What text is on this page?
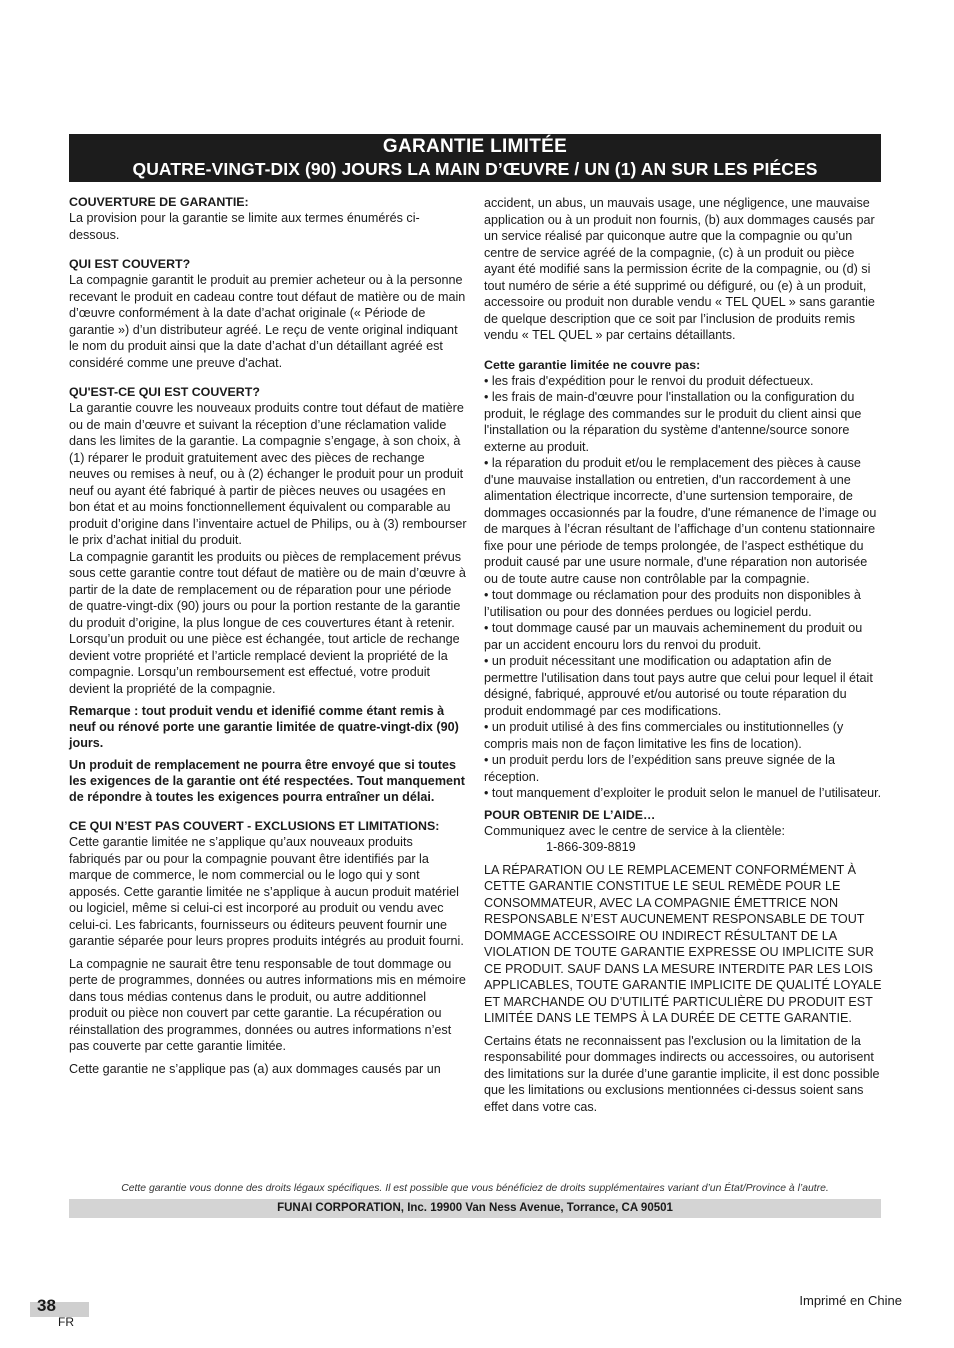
GARANTIE LIMITÉE
QUATRE-VINGT-DIX (90) JOURS LA MAIN D’ŒUVRE / UN (1) AN SUR LES PIÉCES

COUVERTURE DE GARANTIE:

La provision pour la garantie se limite aux termes énumérés ci-dessous.

QUI EST COUVERT?

La compagnie garantit le produit au premier acheteur ou à la personne recevant le produit en cadeau contre tout défaut de matière ou de main d’œuvre conformément à la date d’achat originale (« Période de garantie ») d’un distributeur agréé. Le reçu de vente original indiquant le nom du produit ainsi que la date d’achat d’un détaillant agréé est considéré comme une preuve d'achat.

QU'EST-CE QUI EST COUVERT?

La garantie couvre les nouveaux produits contre tout défaut de matière ou de main d’œuvre et suivant la réception d’une réclamation valide dans les limites de la garantie. La compagnie s’engage, à son choix, à (1) réparer le produit gratuitement avec des pièces de rechange neuves ou remises à neuf, ou à (2) échanger le produit pour un produit neuf ou ayant été fabriqué à partir de pièces neuves ou usagées en bon état et au moins fonctionnellement équivalent ou comparable au produit d’origine dans l’inventaire actuel de Philips, ou à (3) rembourser le prix d’achat initial du produit.

La compagnie garantit les produits ou pièces de remplacement prévus sous cette garantie contre tout défaut de matière ou de main d’œuvre à partir de la date de remplacement ou de réparation pour une période de quatre-vingt-dix (90) jours ou pour la portion restante de la garantie du produit d’origine, la plus longue de ces couvertures étant à retenir. Lorsqu’un produit ou une pièce est échangée, tout article de rechange devient votre propriété et l’article remplacé devient la propriété de la compagnie. Lorsqu’un remboursement est effectué, votre produit devient la propriété de la compagnie.

Remarque : tout produit vendu et idenifié comme étant remis à neuf ou rénové porte une garantie limitée de quatre-vingt-dix (90) jours.

Un produit de remplacement ne pourra être envoyé que si toutes les exigences de la garantie ont été respectées. Tout manquement de répondre à toutes les exigences pourra entraîner un délai.

CE QUI N’EST PAS COUVERT - EXCLUSIONS ET LIMITATIONS:

Cette garantie limitée ne s’applique qu’aux nouveaux produits fabriqués par ou pour la compagnie pouvant être identifiés par la marque de commerce, le nom commercial ou le logo qui y sont apposés. Cette garantie limitée ne s’applique à aucun produit matériel ou logiciel, même si celui-ci est incorporé au produit ou vendu avec celui-ci. Les fabricants, fournisseurs ou éditeurs peuvent fournir une garantie séparée pour leurs propres produits intégrés au produit fourni.

La compagnie ne saurait être tenu responsable de tout dommage ou perte de programmes, données ou autres informations mis en mémoire dans tous médias contenus dans le produit, ou autre additionnel produit ou pièce non couvert par cette garantie. La récupération ou réinstallation des programmes, données ou autres informations n’est pas couverte par cette garantie limitée.

Cette garantie ne s’applique pas (a) aux dommages causés par un

accident, un abus, un mauvais usage, une négligence, une mauvaise application ou à un produit non fournis, (b) aux dommages causés par un service réalisé par quiconque autre que la compagnie ou qu’un centre de service agréé de la compagnie, (c) à un produit ou pièce ayant été modifié sans la permission écrite de la compagnie, ou (d) si tout numéro de série a été supprimé ou défiguré, ou (e) à un produit, accessoire ou produit non durable vendu « TEL QUEL » sans garantie de quelque description que ce soit par l’inclusion de produits remis vendu « TEL QUEL » par certains détaillants.

Cette garantie limitée ne couvre pas:

• les frais d'expédition pour le renvoi du produit défectueux.

• les frais de main-d'œuvre pour l'installation ou la configuration du produit, le réglage des commandes sur le produit du client ainsi que l'installation ou la réparation du système d'antenne/source sonore externe au produit.

• la réparation du produit et/ou le remplacement des pièces à cause d'une mauvaise installation ou entretien, d'un raccordement à une alimentation électrique incorrecte, d’une surtension temporaire, de dommages occasionnés par la foudre, d'une rémanence de l’image ou de marques à l’écran résultant de l’affichage d’un contenu stationnaire fixe pour une période de temps prolongée, de l’aspect esthétique du produit causé par une usure normale, d'une réparation non autorisée ou de toute autre cause non contrôlable par la compagnie.

• tout dommage ou réclamation pour des produits non disponibles à l’utilisation ou pour des données perdues ou logiciel perdu.

• tout dommage causé par un mauvais acheminement du produit ou par un accident encouru lors du renvoi du produit.

• un produit nécessitant une modification ou adaptation afin de permettre l'utilisation dans tout pays autre que celui pour lequel il était désigné, fabriqué, approuvé et/ou autorisé ou toute réparation du produit endommagé par ces modifications.

• un produit utilisé à des fins commerciales ou institutionnelles (y compris mais non de façon limitative les fins de location).

• un produit perdu lors de l’expédition sans preuve signée de la réception.

• tout manquement d’exploiter le produit selon le manuel de l’utilisateur.

POUR OBTENIR DE L’AIDE…

Communiquez avec le centre de service à la clientèle:

1-866-309-8819

LA RÉPARATION OU LE REMPLACEMENT CONFORMÉMENT À CETTE GARANTIE CONSTITUE LE SEUL REMÈDE POUR LE CONSOMMATEUR, AVEC LA COMPAGNIE ÉMETTRICE NON RESPONSABLE N’EST AUCUNEMENT RESPONSABLE DE TOUT DOMMAGE ACCESSOIRE OU INDIRECT RÉSULTANT DE LA VIOLATION DE TOUTE GARANTIE EXPRESSE OU IMPLICITE SUR CE PRODUIT. SAUF DANS LA MESURE INTERDITE PAR LES LOIS APPLICABLES, TOUTE GARANTIE IMPLICITE DE QUALITÉ LOYALE ET MARCHANDE OU D’UTILITÉ PARTICULIÈRE DU PRODUIT EST LIMITÉE DANS LE TEMPS À LA DURÉE DE CETTE GARANTIE.

Certains états ne reconnaissent pas l'exclusion ou la limitation de la responsabilité pour dommages indirects ou accessoires, ou autorisent des limitations sur la durée d’une garantie implicite, il est donc possible que les limitations ou exclusions mentionnées ci-dessus soient sans effet dans votre cas.

Cette garantie vous donne des droits légaux spécifiques. Il est possible que vous bénéficiez de droits supplémentaires variant d’un État/Province à l’autre.
FUNAI CORPORATION, Inc. 19900 Van Ness Avenue, Torrance, CA 90501
38
FR
Imprimé en Chine
